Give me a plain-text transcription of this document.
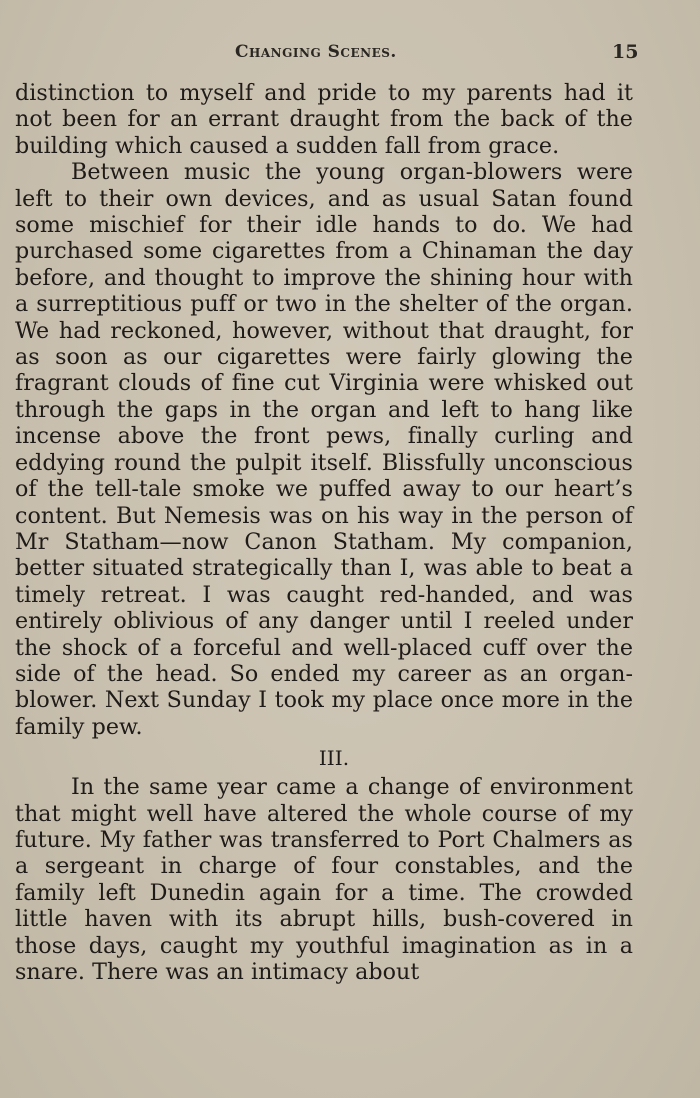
Changing Scenes.	15

distinction to myself and pride to my parents had it not been for an errant draught from the back of the building which caused a sudden fall from grace.

Between music the young organ-blowers were left to their own devices, and as usual Satan found some mischief for their idle hands to do. We had purchased some cigarettes from a Chinaman the day before, and thought to improve the shining hour with a surreptitious puff or two in the shelter of the organ. We had reckoned, however, without that draught, for as soon as our cigarettes were fairly glowing the fragrant clouds of fine cut Virginia were whisked out through the gaps in the organ and left to hang like incense above the front pews, finally curling and eddying round the pulpit itself. Blissfully unconscious of the tell-tale smoke we puffed away to our heart’s content. But Nemesis was on his way in the person of Mr Statham—now Canon Statham. My companion, better situated strategically than I, was able to beat a timely retreat. I was caught red-handed, and was entirely oblivious of any danger until I reeled under the shock of a forceful and well-placed cuff over the side of the head. So ended my career as an organ-blower. Next Sunday I took my place once more in the family pew.

III.

In the same year came a change of environment that might well have altered the whole course of my future. My father was transferred to Port Chalmers as a sergeant in charge of four constables, and the family left Dunedin again for a time. The crowded little haven with its abrupt hills, bush-covered in those days, caught my youthful imagination as in a snare. There was an intimacy about
